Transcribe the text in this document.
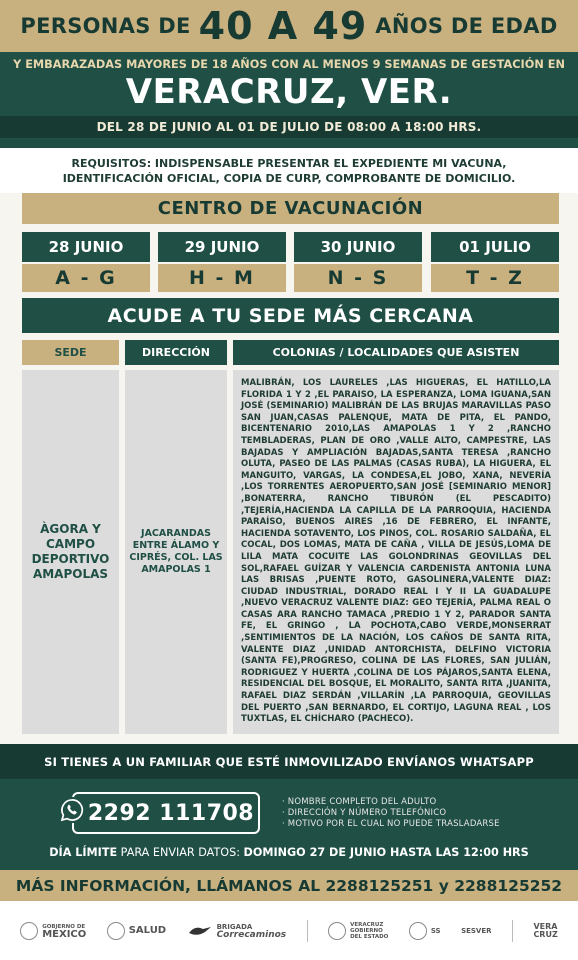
PERSONAS DE 40 A 49 AÑOS DE EDAD
Y EMBARAZADAS MAYORES DE 18 AÑOS CON AL MENOS 9 SEMANAS DE GESTACIÓN EN
VERACRUZ, VER.
DEL 28 DE JUNIO AL 01 DE JULIO DE 08:00 A 18:00 HRS.
REQUISITOS: INDISPENSABLE PRESENTAR EL EXPEDIENTE MI VACUNA, IDENTIFICACIÓN OFICIAL, COPIA DE CURP, COMPROBANTE DE DOMICILIO.
CENTRO DE VACUNACIÓN
28 JUNIO	29 JUNIO	30 JUNIO	01 JULIO
A - G	H - M	N - S	T - Z
ACUDE A TU SEDE MÁS CERCANA
SEDE	DIRECCIÓN	COLONIAS / LOCALIDADES QUE ASISTEN
ÀGORA Y CAMPO DEPORTIVO AMAPOLAS
JACARANDAS ENTRE ÁLAMO Y CIPRÉS, COL. LAS AMAPOLAS 1
MALIBRÁN, LOS LAURELES ,LAS HIGUERAS, EL HATILLO,LA FLORIDA 1 Y 2 ,EL PARAISO, LA ESPERANZA, LOMA IGUANA,SAN JOSÉ (SEMINARIO) MALIBRÁN DE LAS BRUJAS MARAVILLAS PASO SAN JUAN,CASAS PALENQUE, MATA DE PITA, EL PANDO, BICENTENARIO 2010,LAS AMAPOLAS 1 Y 2 ,RANCHO TEMBLADERAS, PLAN DE ORO ,VALLE ALTO, CAMPESTRE, LAS BAJADAS Y AMPLIACIÓN BAJADAS,SANTA TERESA ,RANCHO OLUTA, PASEO DE LAS PALMAS (CASAS RUBA), LA HIGUERA, EL MANGUITO, VARGAS, LA CONDESA,EL JOBO, XANA, NEVERÍA ,LOS TORRENTES AEROPUERTO,SAN JOSÉ [SEMINARIO MENOR] ,BONATERRA, RANCHO TIBURÓN (EL PESCADITO) ,TEJERÍA,HACIENDA LA CAPILLA DE LA PARROQUIA, HACIENDA PARAÍSO, BUENOS AIRES ,16 DE FEBRERO, EL INFANTE, HACIENDA SOTAVENTO, LOS PINOS, COL. ROSARIO SALDAÑA, EL COCAL, DOS LOMAS, MATA DE CAÑA , VILLA DE JESÚS,LOMA DE LILA MATA COCUITE LAS GOLONDRINAS GEOVILLAS DEL SOL,RAFAEL GUÍZAR Y VALENCIA CARDENISTA ANTONIA LUNA LAS BRISAS ,PUENTE ROTO, GASOLINERA,VALENTE DIAZ: CIUDAD INDUSTRIAL, DORADO REAL I Y II LA GUADALUPE ,NUEVO VERACRUZ VALENTE DIAZ: GEO TEJERÍA, PALMA REAL O CASAS ARA RANCHO TAMACA ,PREDIO 1 Y 2, PARADOR SANTA FE, EL GRINGO , LA POCHOTA,CABO VERDE,MONSERRAT ,SENTIMIENTOS DE LA NACIÓN, LOS CAÑOS DE SANTA RITA, VALENTE DIAZ ,UNIDAD ANTORCHISTA, DELFINO VICTORIA (SANTA FE),PROGRESO, COLINA DE LAS FLORES, SAN JULIÁN, RODRIGUEZ Y HUERTA ,COLINA DE LOS PÁJAROS,SANTA ELENA, RESIDENCIAL DEL BOSQUE, EL MORALITO, SANTA RITA ,JUANITA, RAFAEL DIAZ SERDÁN ,VILLARÍN ,LA PARROQUIA, GEOVILLAS DEL PUERTO ,SAN BERNARDO, EL CORTIJO, LAGUNA REAL , LOS TUXTLAS, EL CHÍCHARO (PACHECO).
SI TIENES A UN FAMILIAR QUE ESTÉ INMOVILIZADO ENVÍANOS WHATSAPP
2292 111708	· NOMBRE COMPLETO DEL ADULTO
· DIRECCIÓN Y NÚMERO TELEFÓNICO
· MOTIVO POR EL CUAL NO PUEDE TRASLADARSE
DÍA LÍMITE PARA ENVIAR DATOS: DOMINGO 27 DE JUNIO HASTA LAS 12:00 HRS
MÁS INFORMACIÓN, LLÁMANOS AL 2288125251 y 2288125252
GOBIERNO DE
MÉXICO	SALUD	BRIGADA
Correcaminos
VERACRUZ
GOBIERNO
DEL ESTADO
SS	SESVER	VERA
CRUZ
